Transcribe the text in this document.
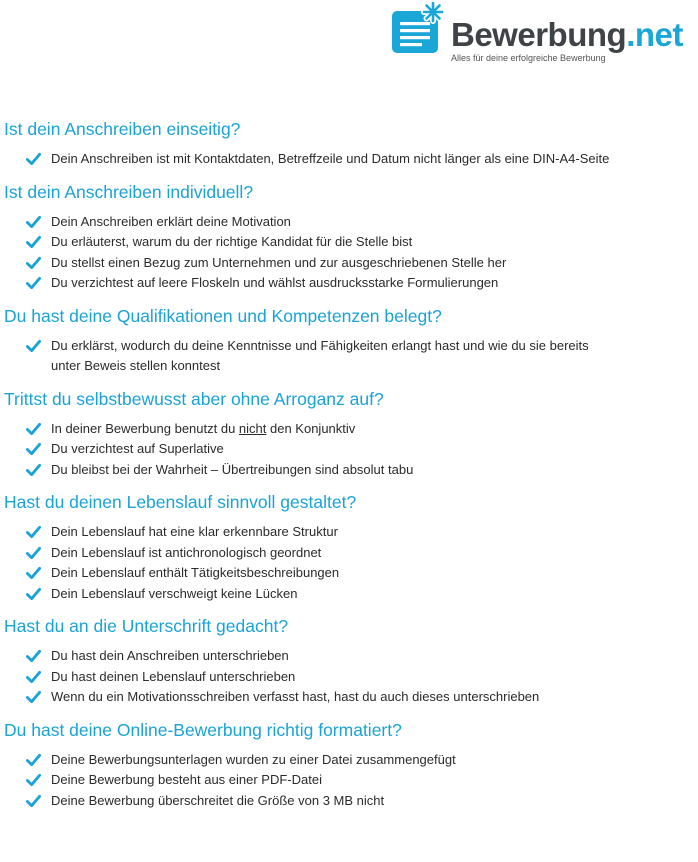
Bewerbung.net
Alles für deine erfolgreiche Bewerbung
Ist dein Anschreiben einseitig?
Dein Anschreiben ist mit Kontaktdaten, Betreffzeile und Datum nicht länger als eine DIN-A4-Seite
Ist dein Anschreiben individuell?
Dein Anschreiben erklärt deine Motivation
Du erläuterst, warum du der richtige Kandidat für die Stelle bist
Du stellst einen Bezug zum Unternehmen und zur ausgeschriebenen Stelle her
Du verzichtest auf leere Floskeln und wählst ausdrucksstarke Formulierungen
Du hast deine Qualifikationen und Kompetenzen belegt?
Du erklärst, wodurch du deine Kenntnisse und Fähigkeiten erlangt hast und wie du sie bereits unter Beweis stellen konntest
Trittst du selbstbewusst aber ohne Arroganz auf?
In deiner Bewerbung benutzt du nicht den Konjunktiv
Du verzichtest auf Superlative
Du bleibst bei der Wahrheit – Übertreibungen sind absolut tabu
Hast du deinen Lebenslauf sinnvoll gestaltet?
Dein Lebenslauf hat eine klar erkennbare Struktur
Dein Lebenslauf ist antichronologisch geordnet
Dein Lebenslauf enthält Tätigkeitsbeschreibungen
Dein Lebenslauf verschweigt keine Lücken
Hast du an die Unterschrift gedacht?
Du hast dein Anschreiben unterschrieben
Du hast deinen Lebenslauf unterschrieben
Wenn du ein Motivationsschreiben verfasst hast, hast du auch dieses unterschrieben
Du hast deine Online-Bewerbung richtig formatiert?
Deine Bewerbungsunterlagen wurden zu einer Datei zusammengefügt
Deine Bewerbung besteht aus einer PDF-Datei
Deine Bewerbung überschreitet die Größe von 3 MB nicht
